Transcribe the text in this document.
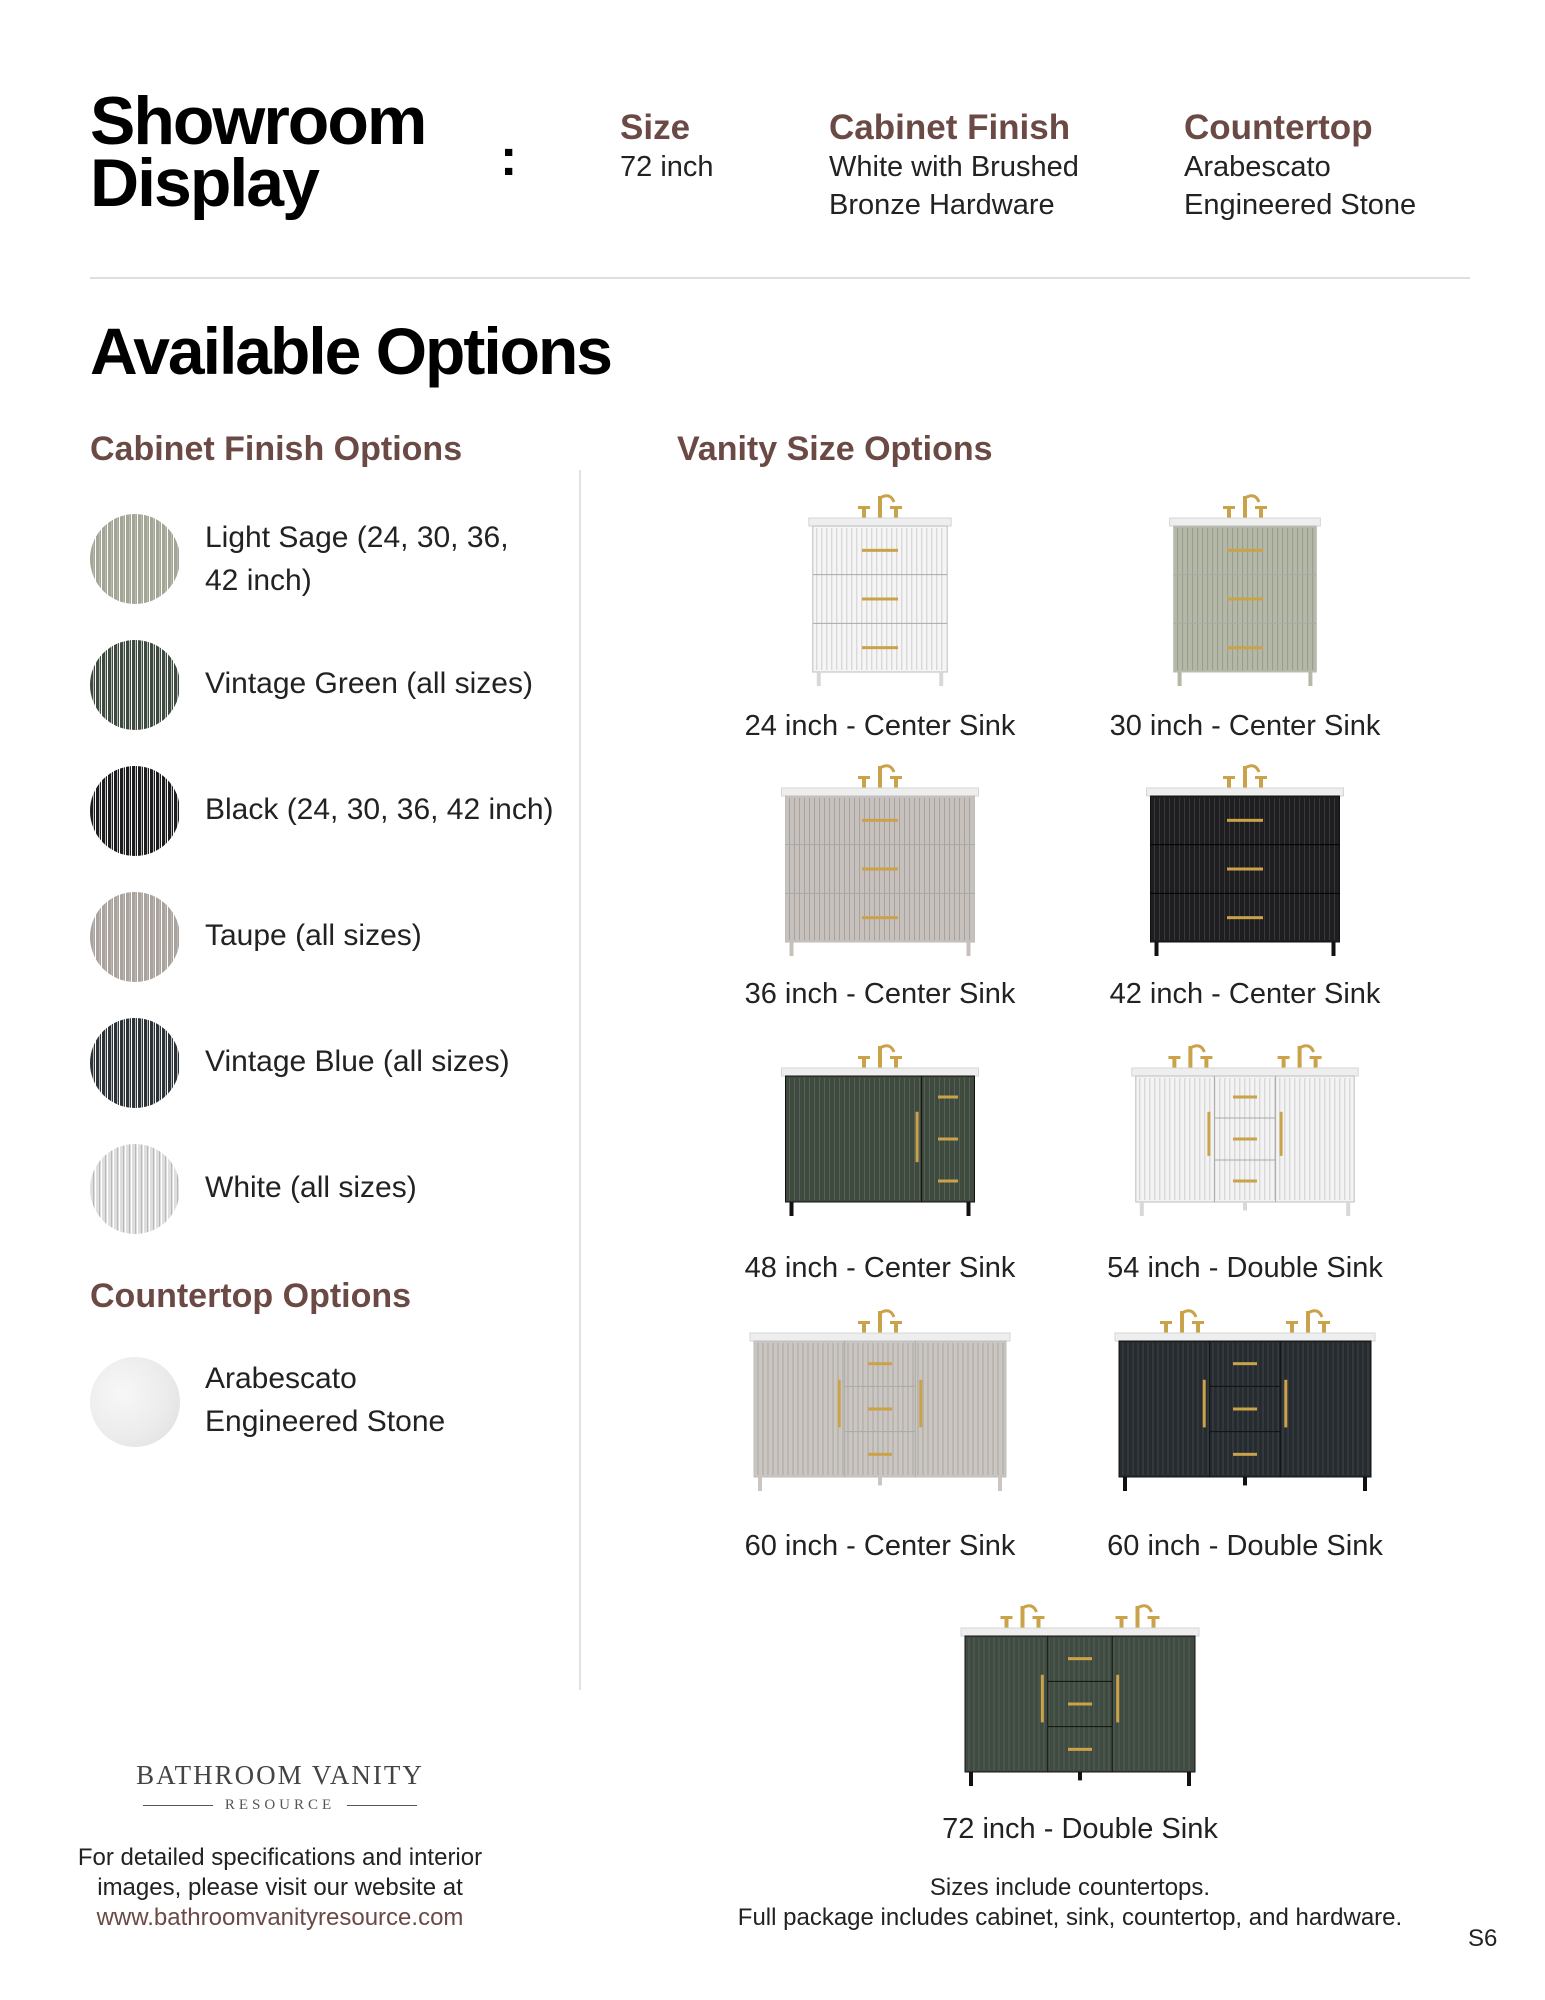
Showroom
Display	:
Size
72 inch
Cabinet Finish
White with Brushed
Bronze Hardware
Countertop
Arabescato
Engineered Stone
Available Options
Cabinet Finish Options	Vanity Size Options
Light Sage (24, 30, 36,
42 inch)
Vintage Green (all sizes)
Black (24, 30, 36, 42 inch)
Taupe (all sizes)
Vintage Blue (all sizes)
White (all sizes)
Countertop Options
Arabescato
Engineered Stone
24 inch - Center Sink	30 inch - Center Sink
36 inch - Center Sink	42 inch - Center Sink
48 inch - Center Sink	54 inch - Double Sink
60 inch - Center Sink	60 inch - Double Sink
72 inch - Double Sink
BATHROOM VANITY
RESOURCE
For detailed specifications and interior
images, please visit our website at
www.bathroomvanityresource.com
Sizes include countertops.
Full package includes cabinet, sink, countertop, and hardware.
S6
